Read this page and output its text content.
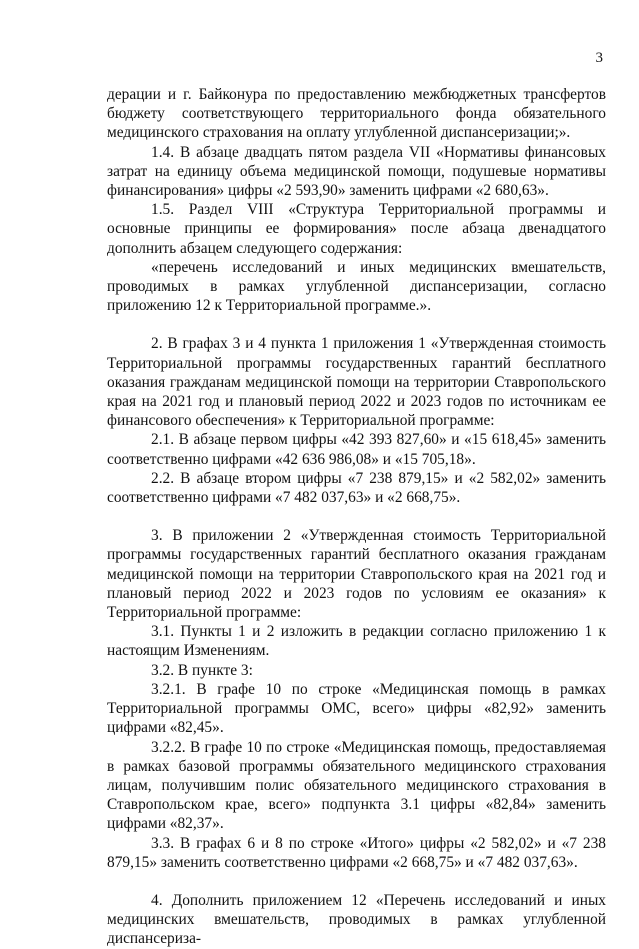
3

дерации и г. Байконура по предоставлению межбюджетных трансфертов бюджету соответствующего территориального фонда обязательного медицинского страхования на оплату углубленной диспансеризации;».

1.4. В абзаце двадцать пятом раздела VII «Нормативы финансовых затрат на единицу объема медицинской помощи, подушевые нормативы финансирования» цифры «2 593,90» заменить цифрами «2 680,63».

1.5. Раздел VIII «Структура Территориальной программы и основные принципы ее формирования» после абзаца двенадцатого дополнить абзацем следующего содержания:

«перечень исследований и иных медицинских вмешательств, проводимых в рамках углубленной диспансеризации, согласно приложению 12 к Территориальной программе.».

2. В графах 3 и 4 пункта 1 приложения 1 «Утвержденная стоимость Территориальной программы государственных гарантий бесплатного оказания гражданам медицинской помощи на территории Ставропольского края на 2021 год и плановый период 2022 и 2023 годов по источникам ее финансового обеспечения» к Территориальной программе:

2.1. В абзаце первом цифры «42 393 827,60» и «15 618,45» заменить соответственно цифрами «42 636 986,08» и «15 705,18».

2.2. В абзаце втором цифры «7 238 879,15» и «2 582,02» заменить соответственно цифрами «7 482 037,63» и «2 668,75».

3. В приложении 2 «Утвержденная стоимость Территориальной программы государственных гарантий бесплатного оказания гражданам медицинской помощи на территории Ставропольского края на 2021 год и плановый период 2022 и 2023 годов по условиям ее оказания» к Территориальной программе:

3.1. Пункты 1 и 2 изложить в редакции согласно приложению 1 к настоящим Изменениям.

3.2. В пункте 3:

3.2.1. В графе 10 по строке «Медицинская помощь в рамках Территориальной программы ОМС, всего» цифры «82,92» заменить цифрами «82,45».

3.2.2. В графе 10 по строке «Медицинская помощь, предоставляемая в рамках базовой программы обязательного медицинского страхования лицам, получившим полис обязательного медицинского страхования в Ставропольском крае, всего» подпункта 3.1 цифры «82,84» заменить цифрами «82,37».

3.3. В графах 6 и 8 по строке «Итого» цифры «2 582,02» и «7 238 879,15» заменить соответственно цифрами «2 668,75» и «7 482 037,63».

4. Дополнить приложением 12 «Перечень исследований и иных медицинских вмешательств, проводимых в рамках углубленной диспансериза-
